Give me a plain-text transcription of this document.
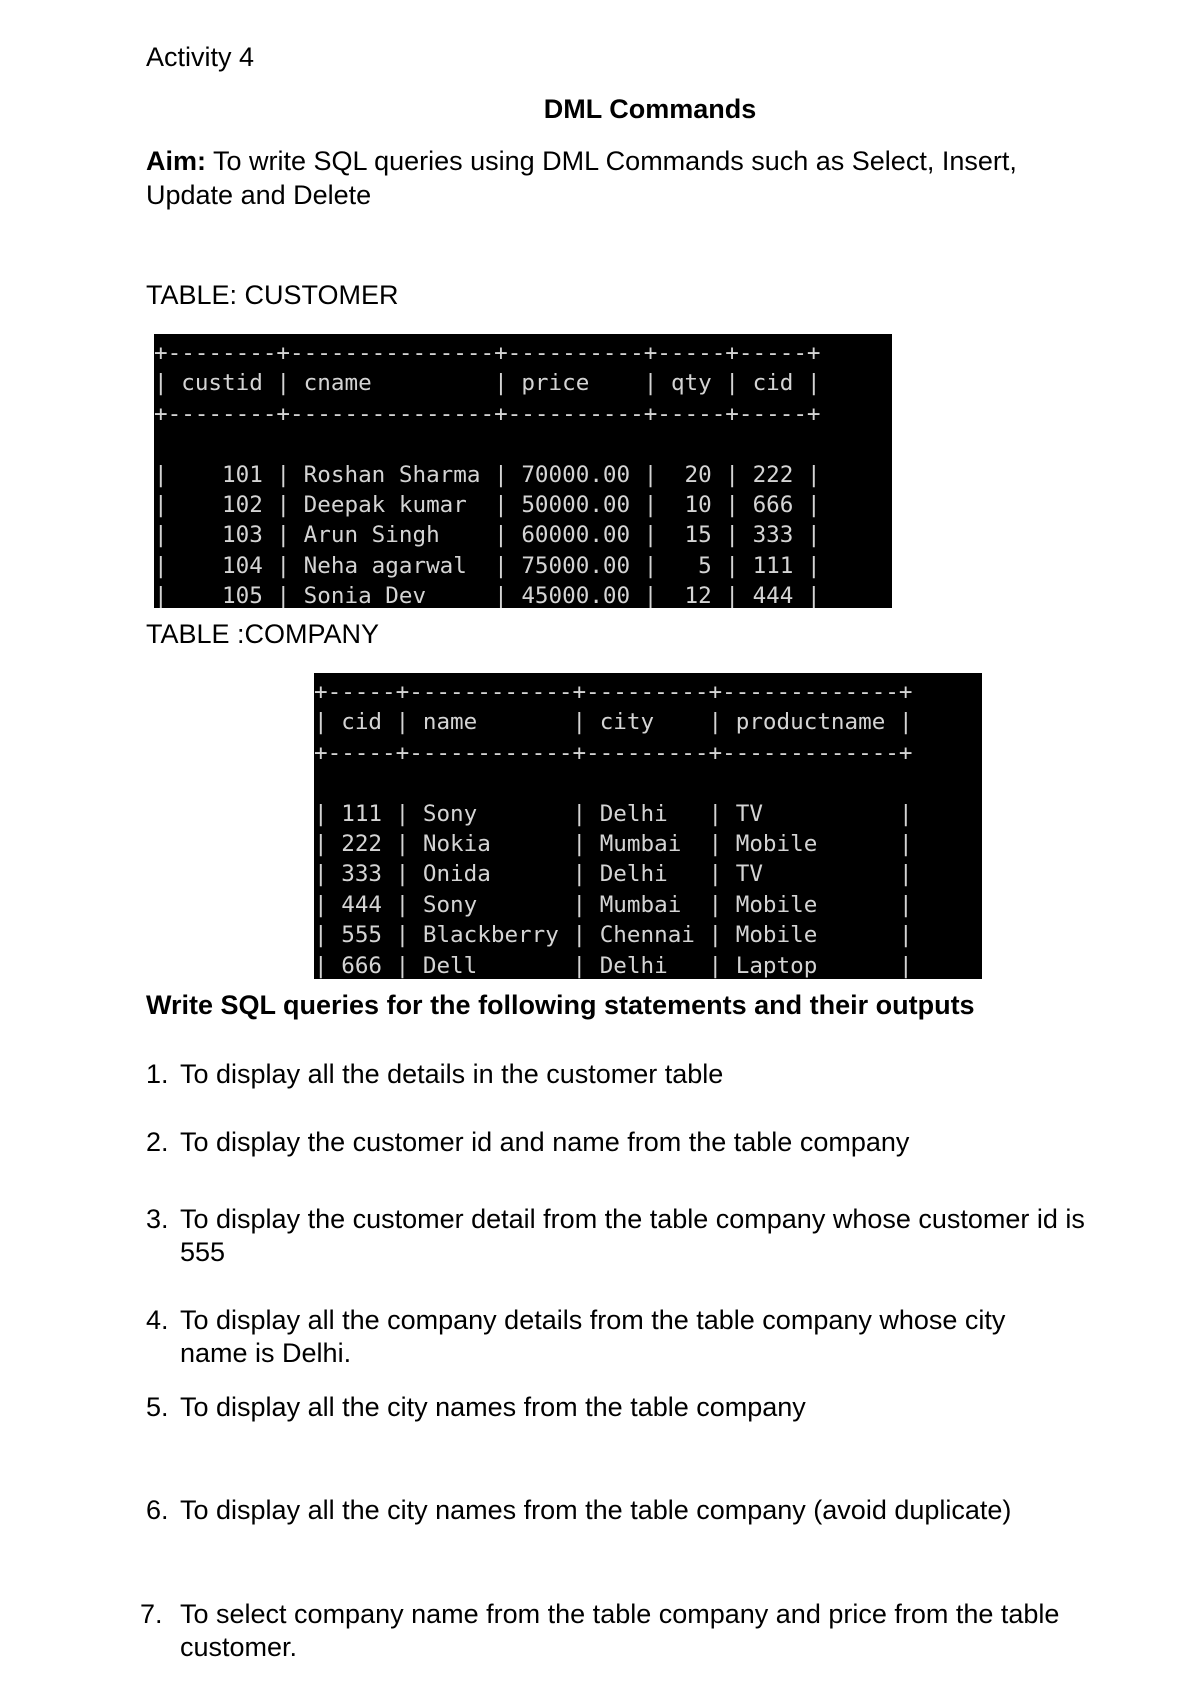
Activity 4
DML Commands
Aim: To write SQL queries using DML Commands such as Select, Insert, Update and Delete
TABLE: CUSTOMER
+--------+---------------+----------+-----+-----+
| custid | cname         | price    | qty | cid |
+--------+---------------+----------+-----+-----+

|    101 | Roshan Sharma | 70000.00 |  20 | 222 |
|    102 | Deepak kumar  | 50000.00 |  10 | 666 |
|    103 | Arun Singh    | 60000.00 |  15 | 333 |
|    104 | Neha agarwal  | 75000.00 |   5 | 111 |
|    105 | Sonia Dev     | 45000.00 |  12 | 444 |
TABLE :COMPANY
+-----+------------+---------+-------------+
| cid | name       | city    | productname |
+-----+------------+---------+-------------+

| 111 | Sony       | Delhi   | TV          |
| 222 | Nokia      | Mumbai  | Mobile      |
| 333 | Onida      | Delhi   | TV          |
| 444 | Sony       | Mumbai  | Mobile      |
| 555 | Blackberry | Chennai | Mobile      |
| 666 | Dell       | Delhi   | Laptop      |
Write SQL queries for the following statements and their outputs
1. To display all the details in the customer table
2. To display the customer id and name from the table company
3. To display the customer detail from the table company whose customer id is 555
4. To display all the company details from the table company whose city name is Delhi.
5. To display all the city names from the table company
6. To display all the city names from the table company (avoid duplicate)
7. To select company name from the table company and price from the table customer.
